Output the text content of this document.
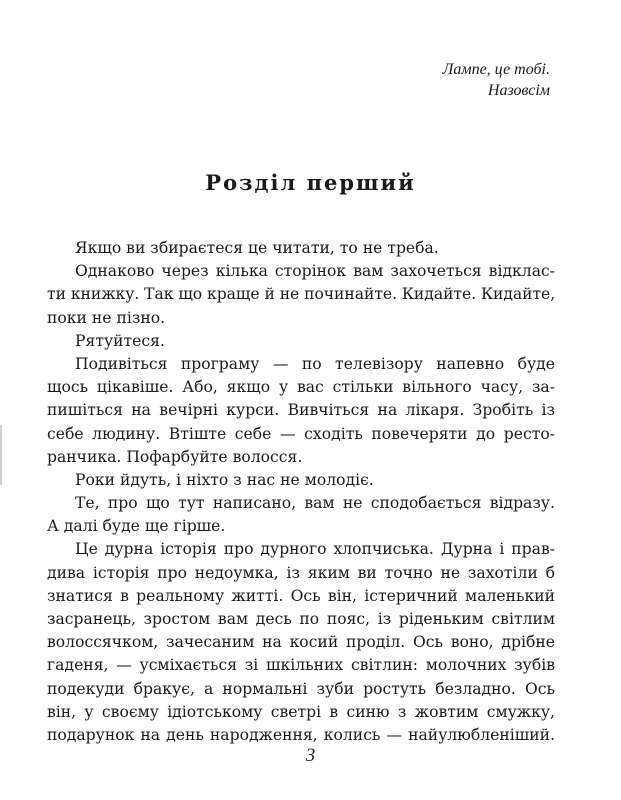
Лампе, це тобі.
Назовсім
Розділ перший
Якщо ви збираєтеся це читати, то не треба.
Однаково через кілька сторінок вам захочеться відклас-
ти книжку. Так що краще й не починайте. Кидайте. Кидайте,
поки не пізно.
Рятуйтеся.
Подивіться програму — по телевізору напевно буде
щось цікавіше. Або, якщо у вас стільки вільного часу, за-
пишіться на вечірні курси. Вивчіться на лікаря. Зробіть із
себе людину. Втіште себе — сходіть повечеряти до ресто-
ранчика. Пофарбуйте волосся.
Роки йдуть, і ніхто з нас не молодіє.
Те, про що тут написано, вам не сподобається відразу.
А далі буде ще гірше.
Це дурна історія про дурного хлопчиська. Дурна і прав-
дива історія про недоумка, із яким ви точно не захотіли б
знатися в реальному житті. Ось він, істеричний маленький
засранець, зростом вам десь по пояс, із ріденьким світлим
волоссячком, зачесаним на косий проділ. Ось воно, дрібне
гаденя, — усміхається зі шкільних світлин: молочних зубів
подекуди бракує, а нормальні зуби ростуть безладно. Ось
він, у своєму ідіотському светрі в синю з жовтим смужку,
подарунок на день народження, колись — найулюбленіший.
3
